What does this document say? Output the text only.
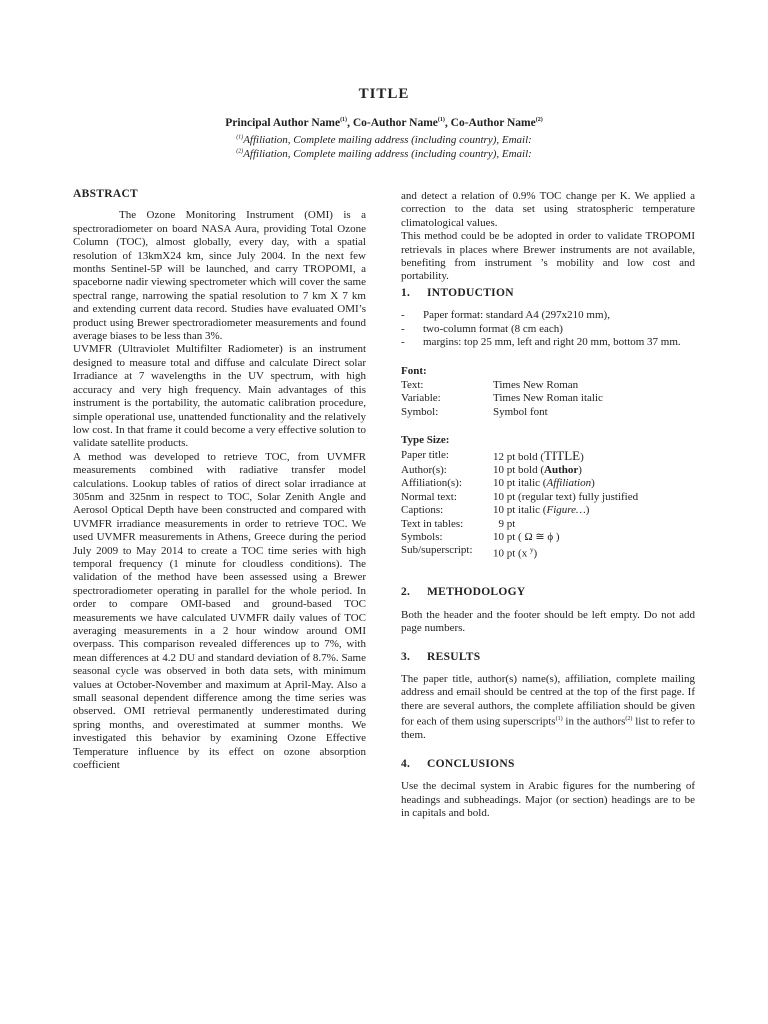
TITLE
Principal Author Name$^{(1)}$, Co-Author Name$^{(1)}$, Co-Author Name$^{(2)}$
$^{(1)}$Affiliation, Complete mailing address (including country), Email:
$^{(2)}$Affiliation, Complete mailing address (including country), Email:
ABSTRACT

The Ozone Monitoring Instrument (OMI) is a spectroradiometer on board NASA Aura, providing Total Ozone Column (TOC), almost globally, every day, with a spatial resolution of 13kmX24 km, since July 2004. In the next few months Sentinel-5P will be launched, and carry TROPOMI, a spaceborne nadir viewing spectrometer which will cover the same spectral range, narrowing the spatial resolution to 7 km X 7 km and extending current data record. Studies have evaluated OMI’s product using Brewer spectroradiometer measurements and found average biases to be less than 3%.

UVMFR (Ultraviolet Multifilter Radiometer) is an instrument designed to measure total and diffuse and calculate Direct solar Irradiance at 7 wavelengths in the UV spectrum, with high accuracy and very high frequency. Main advantages of this instrument is the portability, the automatic calibration procedure, simple operational use, unattended functionality and the relatively low cost. In that frame it could become a very effective solution to validate satellite products.

A method was developed to retrieve TOC, from UVMFR measurements combined with radiative transfer model calculations. Lookup tables of ratios of direct solar irradiance at 305nm and 325nm in respect to TOC, Solar Zenith Angle and Aerosol Optical Depth have been constructed and compared with UVMFR irradiance measurements in order to retrieve TOC. We used UVMFR measurements in Athens, Greece during the period July 2009 to May 2014 to create a TOC time series with high temporal frequency (1 minute for cloudless conditions). The validation of the method have been assessed using a Brewer spectroradiometer operating in parallel for the whole period. In order to compare OMI-based and ground-based TOC measurements we have calculated UVMFR daily values of TOC averaging measurements in a 2 hour window around OMI overpass. This comparison revealed differences up to 7%, with mean differences at 4.2 DU and standard deviation of 8.7%. Same seasonal cycle was observed in both data sets, with minimum values at October-November and maximum at April-May. Also a small seasonal dependent difference among the time series was observed. OMI retrieval permanently underestimated during spring months, and overestimated at summer months. We investigated this behavior by examining Ozone Effective Temperature influence by its effect on ozone absorption coefficient

and detect a relation of 0.9% TOC change per K. We applied a correction to the data set using stratospheric temperature climatological values.

This method could be be adopted in order to validate TROPOMI retrievals in places where Brewer instruments are not available, benefiting from instrument ’s mobility and low cost and portability.

1. INTODUCTION
- Paper format: standard A4 (297x210 mm),
- two-column format (8 cm each)
- margins: top 25 mm, left and right 20 mm, bottom 37 mm.
Font:
Text:	Times New Roman
Variable:	Times New Roman italic
Symbol:	Symbol font
Type Size:
Paper title:	12 pt bold (TITLE)
Author(s):	10 pt bold (Author)
Affiliation(s):	10 pt italic (Affiliation)
Normal text:	10 pt (regular text) fully justified
Captions:	10 pt italic (Figure…)
Text in tables:	9 pt
Symbols:	10 pt ( Ω ≅ ϕ )
Sub/superscript:	10 pt (x $^y$)
2. METHODOLOGY

Both the header and the footer should be left empty. Do not add page numbers.

3. RESULTS

The paper title, author(s) name(s), affiliation, complete mailing address and email should be centred at the top of the first page. If there are several authors, the complete affiliation should be given for each of them using superscripts$^{(1)}$ in the authors$^{(2)}$ list to refer to them.

4. CONCLUSIONS

Use the decimal system in Arabic figures for the numbering of headings and subheadings. Major (or section) headings are to be in capitals and bold.
